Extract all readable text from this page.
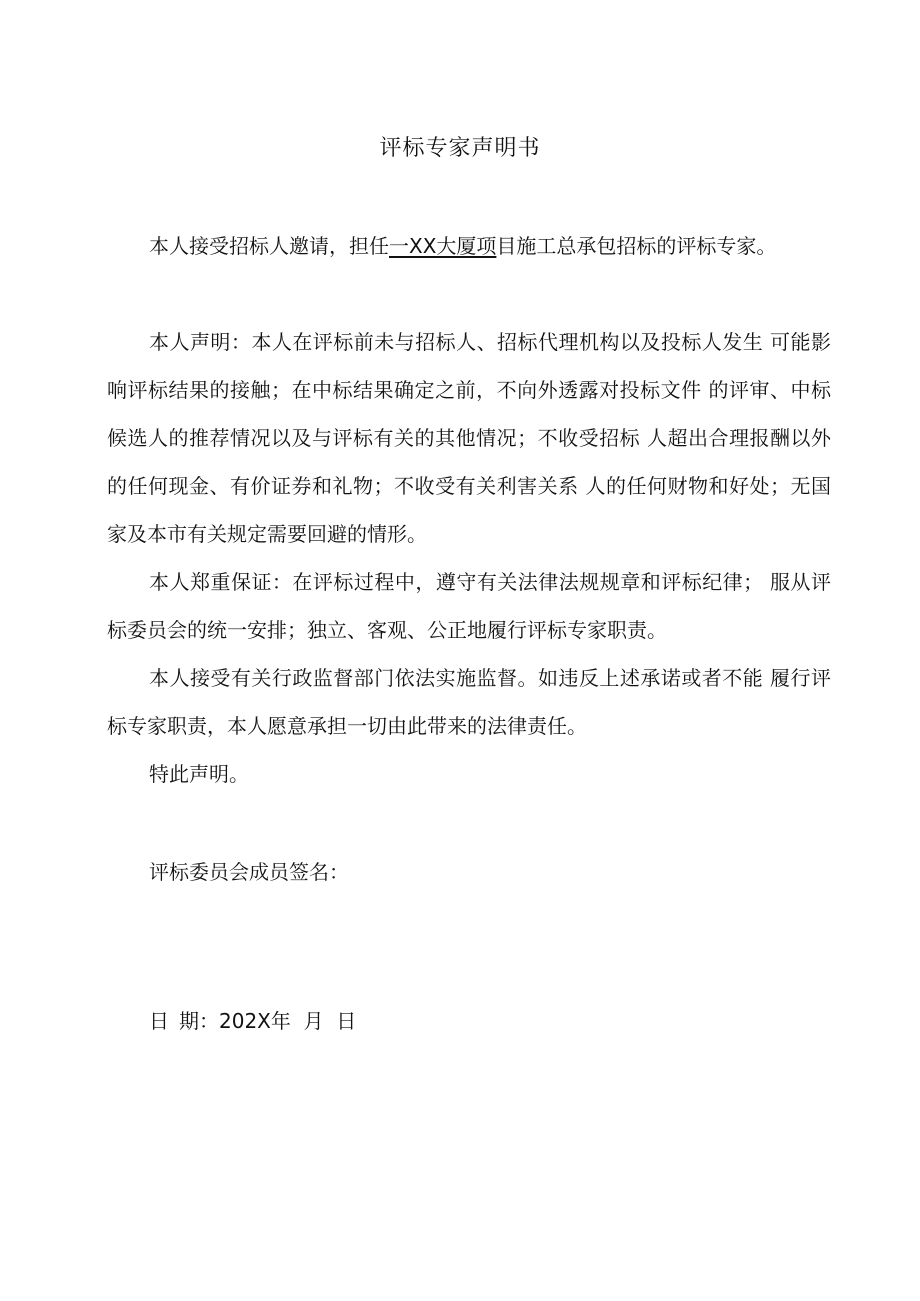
评标专家声明书
本人接受招标人邀请，担任一XX大厦项目施工总承包招标的评标专家。
本人声明：本人在评标前未与招标人、招标代理机构以及投标人发生 可能影响评标结果的接触；在中标结果确定之前，不向外透露对投标文件 的评审、中标候选人的推荐情况以及与评标有关的其他情况；不收受招标 人超出合理报酬以外的任何现金、有价证券和礼物；不收受有关利害关系 人的任何财物和好处；无国家及本市有关规定需要回避的情形。
本人郑重保证：在评标过程中，遵守有关法律法规规章和评标纪律； 服从评标委员会的统一安排；独立、客观、公正地履行评标专家职责。
本人接受有关行政监督部门依法实施监督。如违反上述承诺或者不能 履行评标专家职责，本人愿意承担一切由此带来的法律责任。
特此声明。
评标委员会成员签名：
日 期：202X年  月  日
